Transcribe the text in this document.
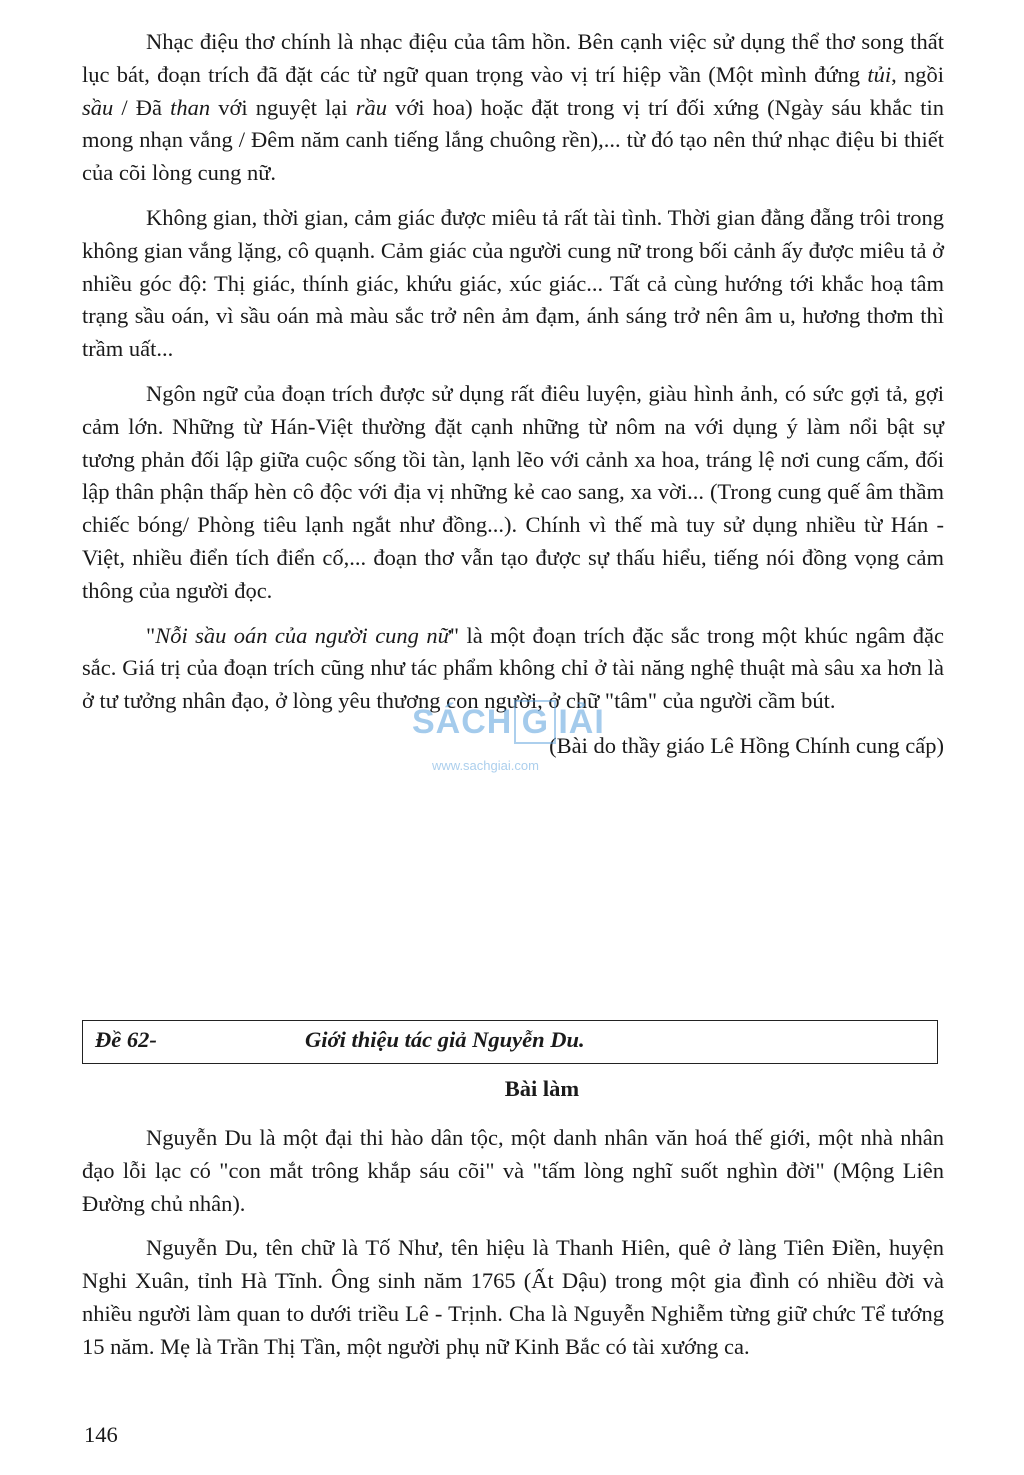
Nhạc điệu thơ chính là nhạc điệu của tâm hồn. Bên cạnh việc sử dụng thể thơ song thất lục bát, đoạn trích đã đặt các từ ngữ quan trọng vào vị trí hiệp vần (Một mình đứng tủi, ngồi sầu / Đã than với nguyệt lại rầu với hoa) hoặc đặt trong vị trí đối xứng (Ngày sáu khắc tin mong nhạn vắng / Đêm năm canh tiếng lắng chuông rền),... từ đó tạo nên thứ nhạc điệu bi thiết của cõi lòng cung nữ.

Không gian, thời gian, cảm giác được miêu tả rất tài tình. Thời gian đằng đẵng trôi trong không gian vắng lặng, cô quạnh. Cảm giác của người cung nữ trong bối cảnh ấy được miêu tả ở nhiều góc độ: Thị giác, thính giác, khứu giác, xúc giác... Tất cả cùng hướng tới khắc hoạ tâm trạng sầu oán, vì sầu oán mà màu sắc trở nên ảm đạm, ánh sáng trở nên âm u, hương thơm thì trầm uất...

Ngôn ngữ của đoạn trích được sử dụng rất điêu luyện, giàu hình ảnh, có sức gợi tả, gợi cảm lớn. Những từ Hán-Việt thường đặt cạnh những từ nôm na với dụng ý làm nổi bật sự tương phản đối lập giữa cuộc sống tồi tàn, lạnh lẽo với cảnh xa hoa, tráng lệ nơi cung cấm, đối lập thân phận thấp hèn cô độc với địa vị những kẻ cao sang, xa vời... (Trong cung quế âm thầm chiếc bóng/ Phòng tiêu lạnh ngắt như đồng...). Chính vì thế mà tuy sử dụng nhiều từ Hán - Việt, nhiều điển tích điển cố,... đoạn thơ vẫn tạo được sự thấu hiểu, tiếng nói đồng vọng cảm thông của người đọc.

"Nỗi sầu oán của người cung nữ" là một đoạn trích đặc sắc trong một khúc ngâm đặc sắc. Giá trị của đoạn trích cũng như tác phẩm không chỉ ở tài năng nghệ thuật mà sâu xa hơn là ở tư tưởng nhân đạo, ở lòng yêu thương con người, ở chữ "tâm" của người cầm bút.

(Bài do thầy giáo Lê Hồng Chính cung cấp)

SÁCH G IẢI
www.sachgiai.com
Đề 62-	Giới thiệu tác giả Nguyễn Du.
Bài làm

Nguyễn Du là một đại thi hào dân tộc, một danh nhân văn hoá thế giới, một nhà nhân đạo lỗi lạc có "con mắt trông khắp sáu cõi" và "tấm lòng nghĩ suốt nghìn đời" (Mộng Liên Đường chủ nhân).

Nguyễn Du, tên chữ là Tố Như, tên hiệu là Thanh Hiên, quê ở làng Tiên Điền, huyện Nghi Xuân, tỉnh Hà Tĩnh. Ông sinh năm 1765 (Ất Dậu) trong một gia đình có nhiều đời và nhiều người làm quan to dưới triều Lê - Trịnh. Cha là Nguyễn Nghiễm từng giữ chức Tể tướng 15 năm. Mẹ là Trần Thị Tần, một người phụ nữ Kinh Bắc có tài xướng ca.

146
